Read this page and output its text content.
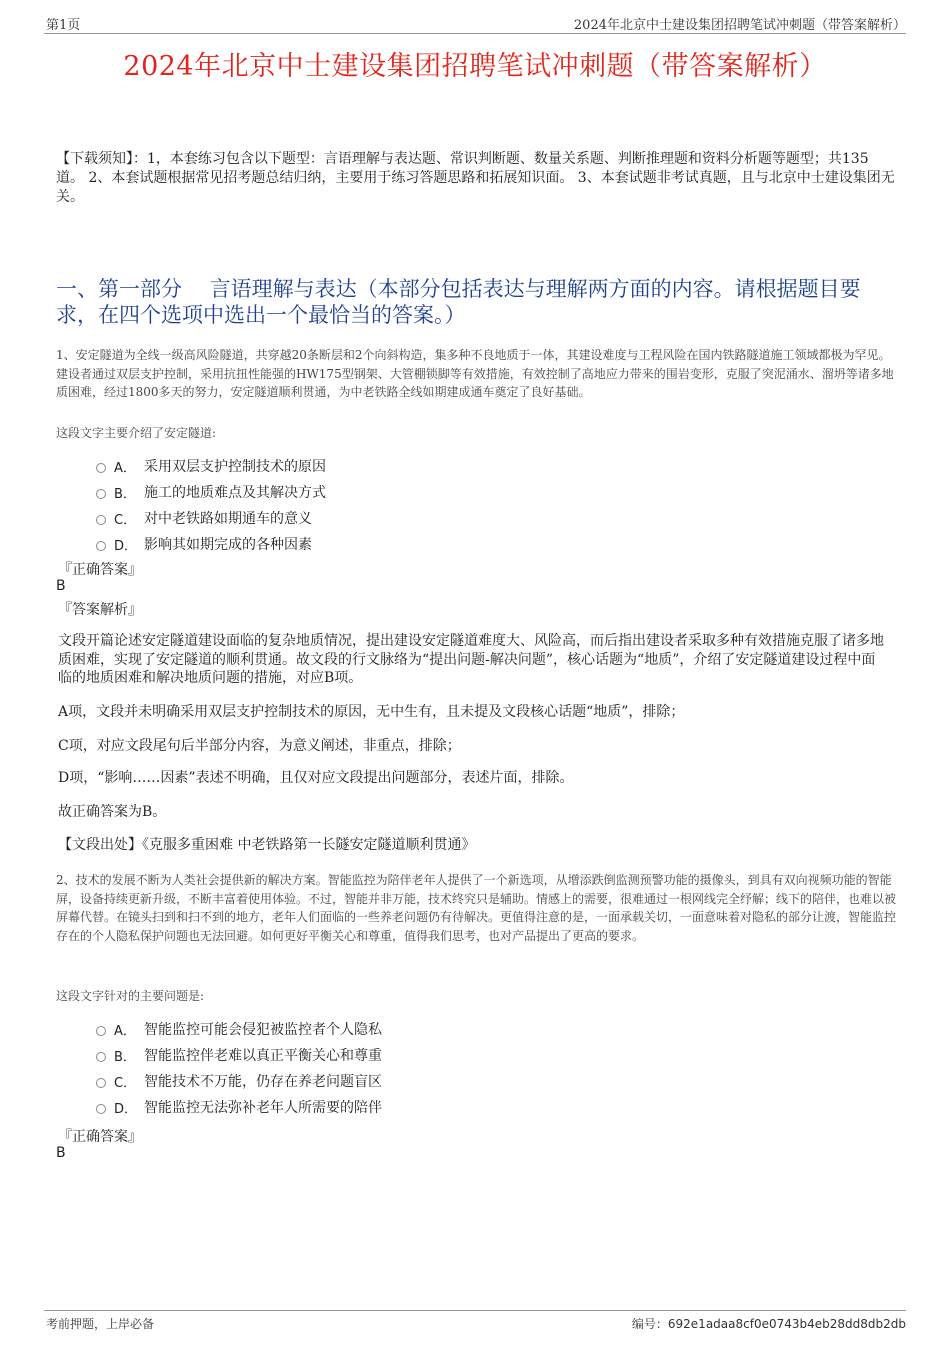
第1页	2024年北京中士建设集团招聘笔试冲刺题（带答案解析）
2024年北京中士建设集团招聘笔试冲刺题（带答案解析）
【下载须知】：1，本套练习包含以下题型：言语理解与表达题、常识判断题、数量关系题、判断推理题和资料分析题等题型；共135道。 2、本套试题根据常见招考题总结归纳，主要用于练习答题思路和拓展知识面。 3、本套试题非考试真题，且与北京中士建设集团无关。
一、第一部分　 言语理解与表达（本部分包括表达与理解两方面的内容。请根据题目要求，在四个选项中选出一个最恰当的答案。）
1、安定隧道为全线一级高风险隧道，共穿越20条断层和2个向斜构造，集多种不良地质于一体，其建设难度与工程风险在国内铁路隧道施工领域都极为罕见。建设者通过双层支护控制，采用抗扭性能强的HW175型钢架、大管棚锁脚等有效措施，有效控制了高地应力带来的围岩变形，克服了突泥涌水、溜坍等诸多地质困难，经过1800多天的努力，安定隧道顺利贯通，为中老铁路全线如期建成通车奠定了良好基础。
这段文字主要介绍了安定隧道:
A． 采用双层支护控制技术的原因
B． 施工的地质难点及其解决方式
C． 对中老铁路如期通车的意义
D． 影响其如期完成的各种因素
『正确答案』
B
『答案解析』
文段开篇论述安定隧道建设面临的复杂地质情况，提出建设安定隧道难度大、风险高，而后指出建设者采取多种有效措施克服了诸多地质困难，实现了安定隧道的顺利贯通。故文段的行文脉络为“提出问题-解决问题”，核心话题为“地质”，介绍了安定隧道建设过程中面临的地质困难和解决地质问题的措施，对应B项。
A项，文段并未明确采用双层支护控制技术的原因，无中生有，且未提及文段核心话题“地质”，排除；
C项，对应文段尾句后半部分内容，为意义阐述，非重点，排除；
D项，“影响……因素”表述不明确，且仅对应文段提出问题部分，表述片面，排除。
故正确答案为B。
【文段出处】《克服多重困难 中老铁路第一长隧安定隧道顺利贯通》
2、技术的发展不断为人类社会提供新的解决方案。智能监控为陪伴老年人提供了一个新选项，从增添跌倒监测预警功能的摄像头，到具有双向视频功能的智能屏，设备持续更新升级，不断丰富着使用体验。不过，智能并非万能，技术终究只是辅助。情感上的需要，很难通过一根网线完全纾解；线下的陪伴，也难以被屏幕代替。在镜头扫到和扫不到的地方，老年人们面临的一些养老问题仍有待解决。更值得注意的是，一面承载关切，一面意味着对隐私的部分让渡，智能监控存在的个人隐私保护问题也无法回避。如何更好平衡关心和尊重，值得我们思考，也对产品提出了更高的要求。
这段文字针对的主要问题是:
A． 智能监控可能会侵犯被监控者个人隐私
B． 智能监控伴老难以真正平衡关心和尊重
C． 智能技术不万能，仍存在养老问题盲区
D． 智能监控无法弥补老年人所需要的陪伴
『正确答案』
B
考前押题，上岸必备	编号：692e1adaa8cf0e0743b4eb28dd8db2db
